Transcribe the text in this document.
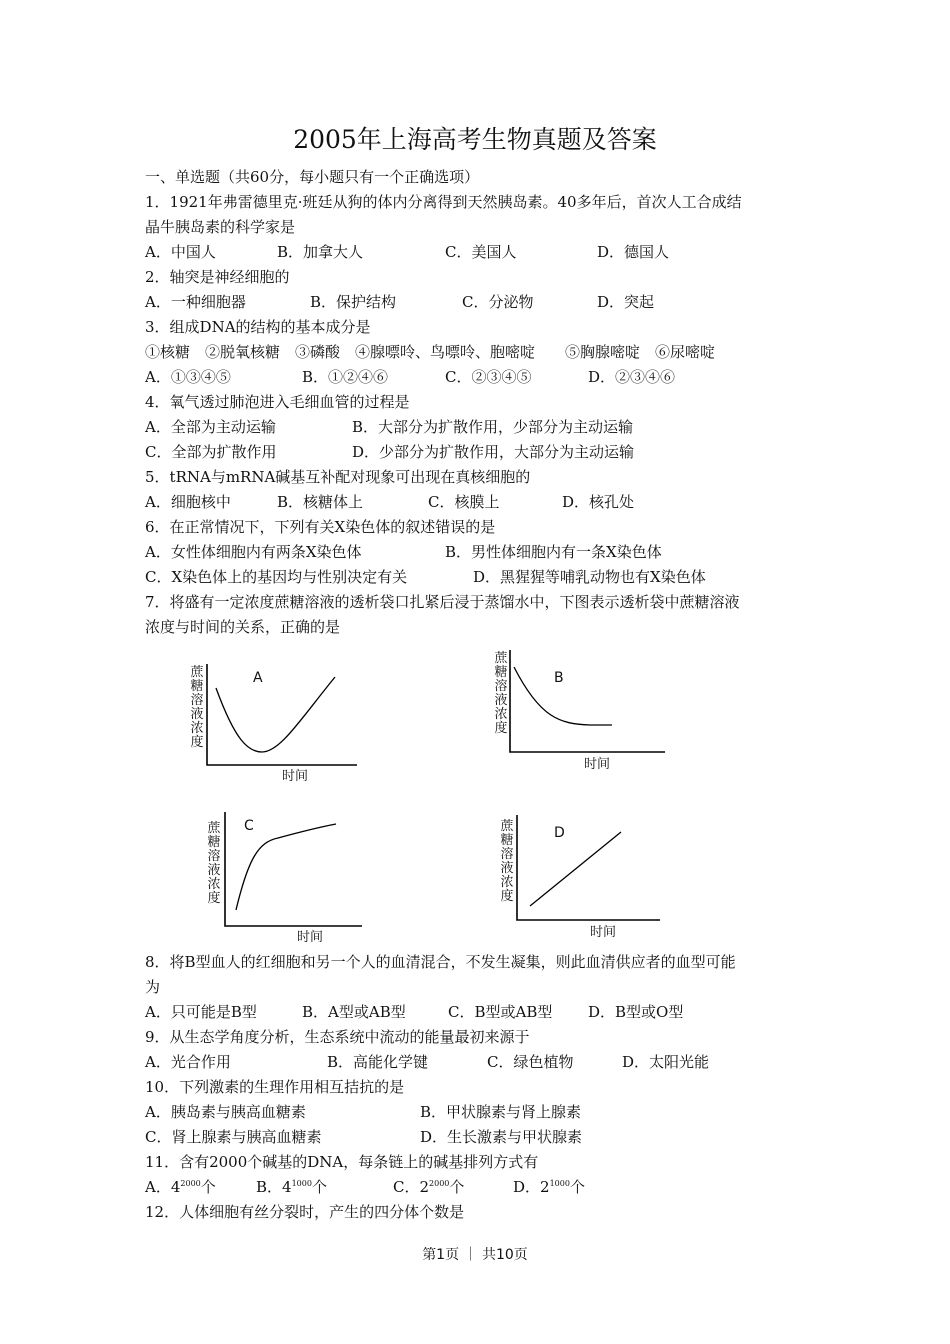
2005年上海高考生物真题及答案
一、单选题（共60分，每小题只有一个正确选项）
1．1921年弗雷德里克·班廷从狗的体内分离得到天然胰岛素。40多年后，首次人工合成结
晶牛胰岛素的科学家是
A．中国人	B．加拿大人	C．美国人	D．德国人
2．轴突是神经细胞的
A．一种细胞器	B．保护结构	C．分泌物	D．突起
3．组成DNA的结构的基本成分是
①核糖　②脱氧核糖　③磷酸　④腺嘌呤、鸟嘌呤、胞嘧啶　　⑤胸腺嘧啶　⑥尿嘧啶
A．①③④⑤	B．①②④⑥	C．②③④⑤	D．②③④⑥
4．氧气透过肺泡进入毛细血管的过程是
A．全部为主动运输	B．大部分为扩散作用，少部分为主动运输
C．全部为扩散作用	D．少部分为扩散作用，大部分为主动运输
5．tRNA与mRNA碱基互补配对现象可出现在真核细胞的
A．细胞核中	B．核糖体上	C．核膜上	D．核孔处
6．在正常情况下，下列有关X染色体的叙述错误的是
A．女性体细胞内有两条X染色体	B．男性体细胞内有一条X染色体
C．X染色体上的基因均与性别决定有关	D．黑猩猩等哺乳动物也有X染色体
7．将盛有一定浓度蔗糖溶液的透析袋口扎紧后浸于蒸馏水中，下图表示透析袋中蔗糖溶液
浓度与时间的关系，正确的是
蔗糖溶液浓度
A
时间
蔗糖溶液浓度
B
时间
蔗糖溶液浓度
C
时间
蔗糖溶液浓度
D
时间
8．将B型血人的红细胞和另一个人的血清混合，不发生凝集，则此血清供应者的血型可能
为
A．只可能是B型	B．A型或AB型	C．B型或AB型 D．B型或O型
9．从生态学角度分析，生态系统中流动的能量最初来源于
A．光合作用	B．高能化学键	C．绿色植物	D．太阳光能
10．下列激素的生理作用相互拮抗的是
A．胰岛素与胰高血糖素	B．甲状腺素与肾上腺素
C．肾上腺素与胰高血糖素	D．生长激素与甲状腺素
11．含有2000个碱基的DNA，每条链上的碱基排列方式有
A．$4^{2000}$个	B．$4^{1000}$个	C．$2^{2000}$个	D．$2^{1000}$个
12．人体细胞有丝分裂时，产生的四分体个数是
第1页 ｜ 共10页
